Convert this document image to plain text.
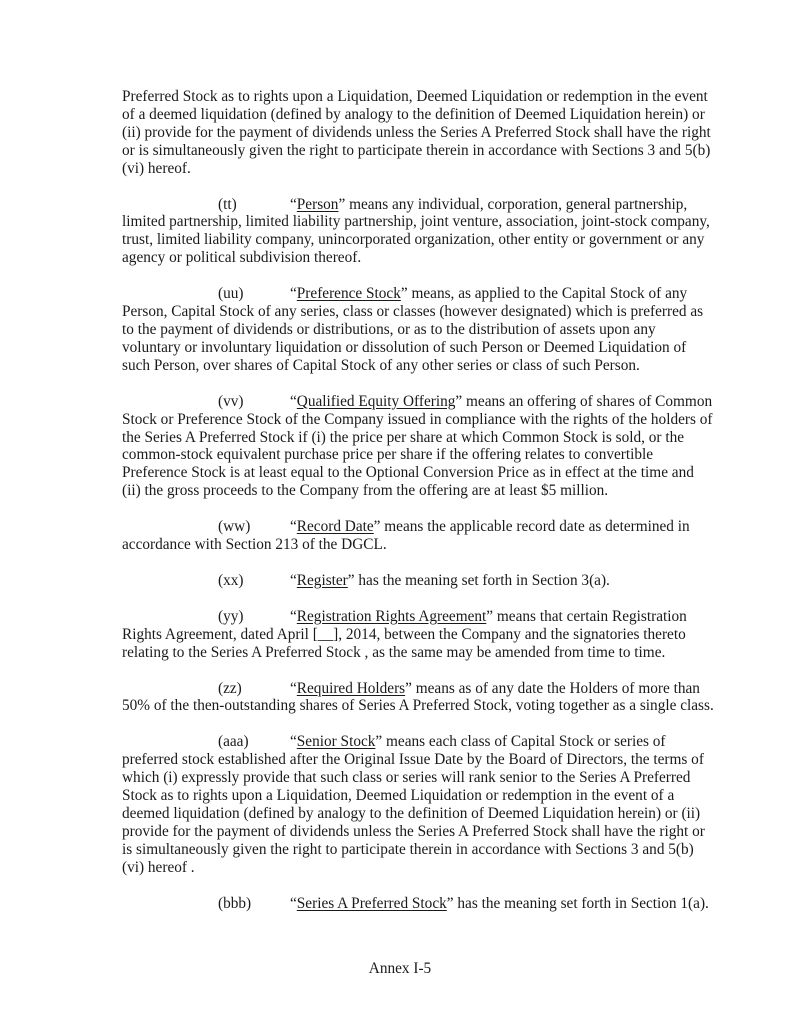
Preferred Stock as to rights upon a Liquidation, Deemed Liquidation or redemption in the event of a deemed liquidation (defined by analogy to the definition of Deemed Liquidation herein) or (ii) provide for the payment of dividends unless the Series A Preferred Stock shall have the right or is simultaneously given the right to participate therein in accordance with Sections 3 and 5(b)(vi) hereof.

(tt)	“Person” means any individual, corporation, general partnership, limited partnership, limited liability partnership, joint venture, association, joint-stock company, trust, limited liability company, unincorporated organization, other entity or government or any agency or political subdivision thereof.

(uu)	“Preference Stock” means, as applied to the Capital Stock of any Person, Capital Stock of any series, class or classes (however designated) which is preferred as to the payment of dividends or distributions, or as to the distribution of assets upon any voluntary or involuntary liquidation or dissolution of such Person or Deemed Liquidation of such Person, over shares of Capital Stock of any other series or class of such Person.

(vv)	“Qualified Equity Offering” means an offering of shares of Common Stock or Preference Stock of the Company issued in compliance with the rights of the holders of the Series A Preferred Stock if (i) the price per share at which Common Stock is sold, or the common-stock equivalent purchase price per share if the offering relates to convertible Preference Stock is at least equal to the Optional Conversion Price as in effect at the time and (ii) the gross proceeds to the Company from the offering are at least $5 million.

(ww)	“Record Date” means the applicable record date as determined in accordance with Section 213 of the DGCL.

(xx)	“Register” has the meaning set forth in Section 3(a).

(yy)	“Registration Rights Agreement” means that certain Registration Rights Agreement, dated April [__], 2014, between the Company and the signatories thereto relating to the Series A Preferred Stock , as the same may be amended from time to time.

(zz)	“Required Holders” means as of any date the Holders of more than 50% of the then-outstanding shares of Series A Preferred Stock, voting together as a single class.

(aaa)	“Senior Stock” means each class of Capital Stock or series of preferred stock established after the Original Issue Date by the Board of Directors, the terms of which (i) expressly provide that such class or series will rank senior to the Series A Preferred Stock as to rights upon a Liquidation, Deemed Liquidation or redemption in the event of a deemed liquidation (defined by analogy to the definition of Deemed Liquidation herein) or (ii) provide for the payment of dividends unless the Series A Preferred Stock shall have the right or is simultaneously given the right to participate therein in accordance with Sections 3 and 5(b)(vi) hereof .

(bbb)	“Series A Preferred Stock” has the meaning set forth in Section 1(a).

Annex I-5
